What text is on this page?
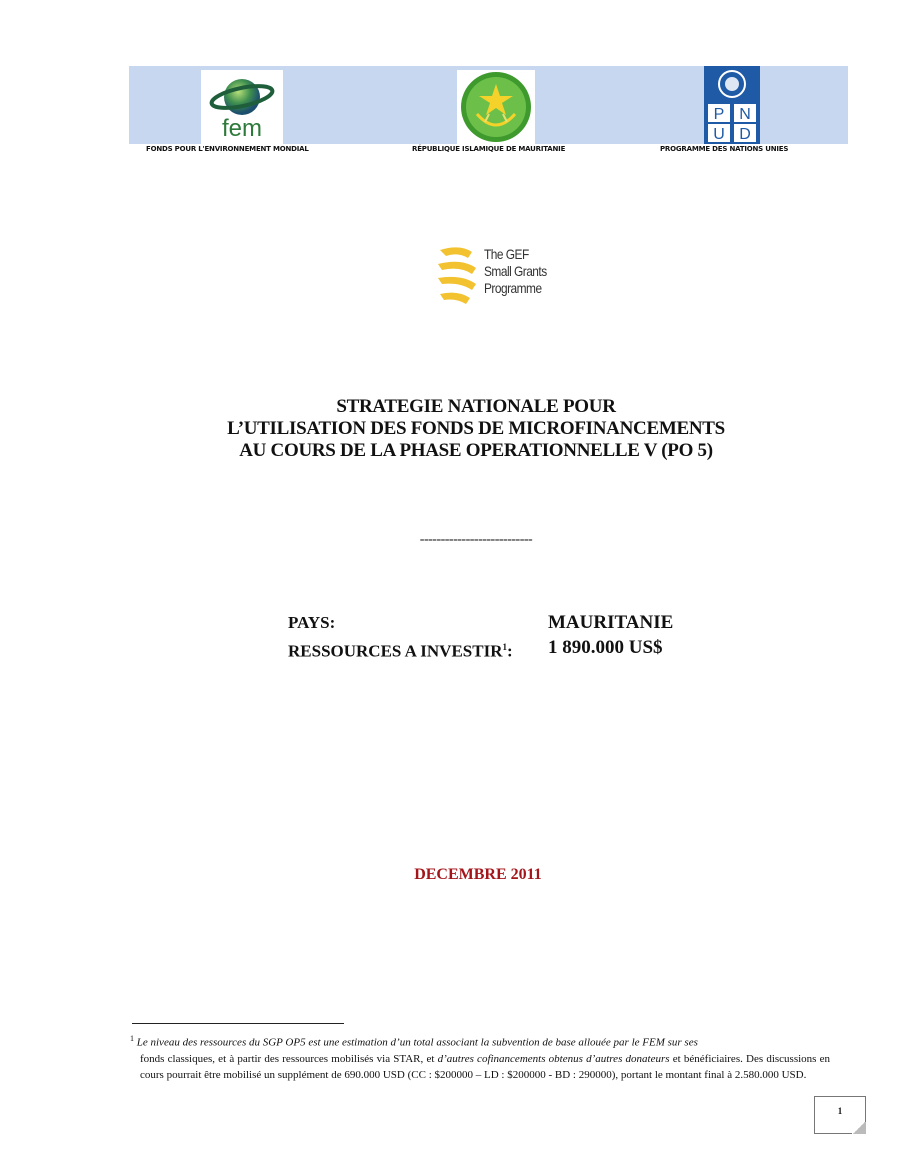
fem
P N
U D
FONDS POUR L'ENVIRONNEMENT MONDIAL	RÉPUBLIQUE ISLAMIQUE DE MAURITANIE	PROGRAMME DES NATIONS UNIES
The GEF
Small Grants
Programme
STRATEGIE NATIONALE POUR
L’UTILISATION DES FONDS DE MICROFINANCEMENTS
AU COURS DE LA PHASE OPERATIONNELLE V (PO 5)
---------------------------
PAYS:	MAURITANIE
RESSOURCES A INVESTIR$^1$: 1 890.000 US$
DECEMBRE 2011
$^1$ Le niveau des ressources du SGP OP5 est une estimation d’un total associant la subvention de base allouée par le FEM sur ses
fonds classiques, et à partir des ressources mobilisés via STAR, et d’autres cofinancements obtenus d’autres donateurs et bénéficiaires. Des discussions en cours pourrait être mobilisé un supplément de 690.000 USD (CC : $200000 – LD : $200000 - BD : 290000), portant le montant final à 2.580.000 USD.
1
